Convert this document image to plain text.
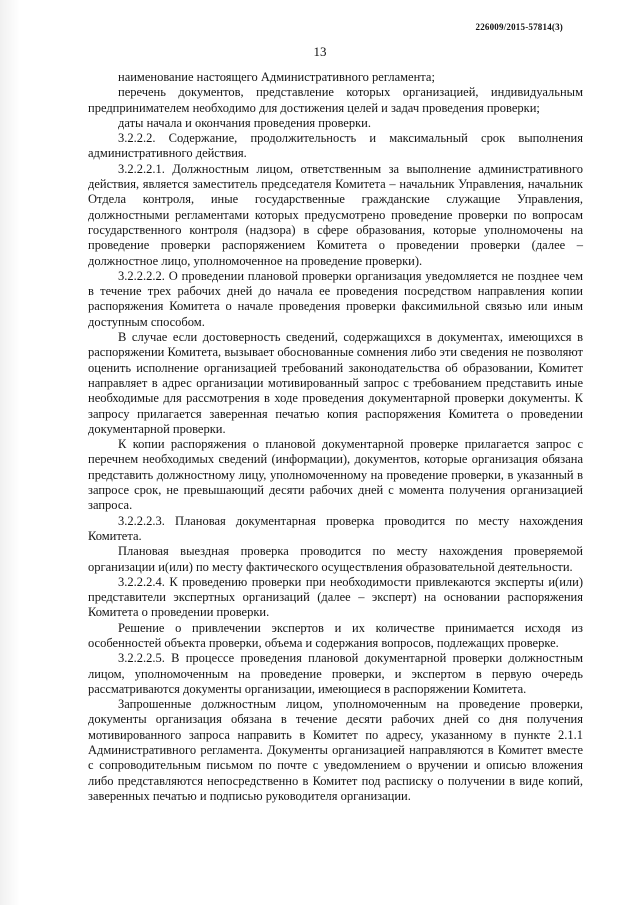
226009/2015-57814(3)
13

наименование настоящего Административного регламента;

перечень документов, представление которых организацией, индивидуальным предпринимателем необходимо для достижения целей и задач проведения проверки;

даты начала и окончания проведения проверки.

3.2.2.2. Содержание, продолжительность и максимальный срок выполнения административного действия.

3.2.2.2.1. Должностным лицом, ответственным за выполнение административного действия, является заместитель председателя Комитета – начальник Управления, начальник Отдела контроля, иные государственные гражданские служащие Управления, должностными регламентами которых предусмотрено проведение проверки по вопросам государственного контроля (надзора) в сфере образования, которые уполномочены на проведение проверки распоряжением Комитета о проведении проверки (далее – должностное лицо, уполномоченное на проведение проверки).

3.2.2.2.2. О проведении плановой проверки организация уведомляется не позднее чем в течение трех рабочих дней до начала ее проведения посредством направления копии распоряжения Комитета о начале проведения проверки факсимильной связью или иным доступным способом.

В случае если достоверность сведений, содержащихся в документах, имеющихся в распоряжении Комитета, вызывает обоснованные сомнения либо эти сведения не позволяют оценить исполнение организацией требований законодательства об образовании, Комитет направляет в адрес организации мотивированный запрос с требованием представить иные необходимые для рассмотрения в ходе проведения документарной проверки документы. К запросу прилагается заверенная печатью копия распоряжения Комитета о проведении документарной проверки.

К копии распоряжения о плановой документарной проверке прилагается запрос с перечнем необходимых сведений (информации), документов, которые организация обязана представить должностному лицу, уполномоченному на проведение проверки, в указанный в запросе срок, не превышающий десяти рабочих дней с момента получения организацией запроса.

3.2.2.2.3. Плановая документарная проверка проводится по месту нахождения Комитета.

Плановая выездная проверка проводится по месту нахождения проверяемой организации и(или) по месту фактического осуществления образовательной деятельности.

3.2.2.2.4. К проведению проверки при необходимости привлекаются эксперты и(или) представители экспертных организаций (далее – эксперт) на основании распоряжения Комитета о проведении проверки.

Решение о привлечении экспертов и их количестве принимается исходя из особенностей объекта проверки, объема и содержания вопросов, подлежащих проверке.

3.2.2.2.5. В процессе проведения плановой документарной проверки должностным лицом, уполномоченным на проведение проверки, и экспертом в первую очередь рассматриваются документы организации, имеющиеся в распоряжении Комитета.

Запрошенные должностным лицом, уполномоченным на проведение проверки, документы организация обязана в течение десяти рабочих дней со дня получения мотивированного запроса направить в Комитет по адресу, указанному в пункте 2.1.1 Административного регламента. Документы организацией направляются в Комитет вместе с сопроводительным письмом по почте с уведомлением о вручении и описью вложения либо представляются непосредственно в Комитет под расписку о получении в виде копий, заверенных печатью и подписью руководителя организации.
